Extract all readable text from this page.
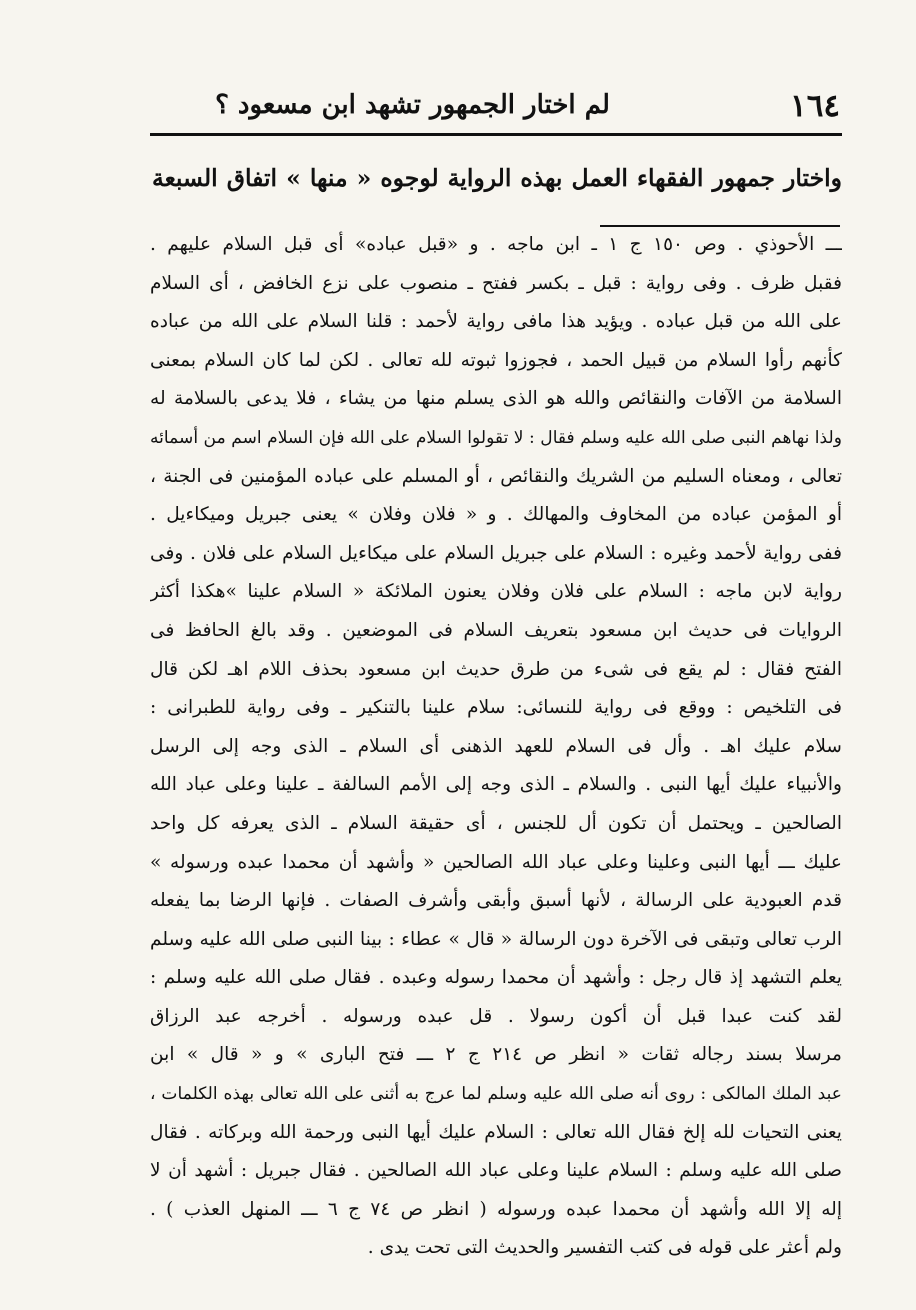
١٦٤
لم اختار الجمهور تشهد ابن مسعود ؟
واختار جمهور الفقهاء العمل بهذه الرواية لوجوه « منها » اتفاق السبعة
ـــ الأحوذي . وص ١٥٠ ج ١ ـ ابن ماجه . و «قبل عباده» أى قبل السلام عليهم .
فقبل ظرف . وفى رواية : قبل ـ بكسر ففتح ـ منصوب على نزع الخافض ، أى السلام
على الله من قبل عباده . ويؤيد هذا مافى رواية لأحمد : قلنا السلام على الله من عباده
كأنهم رأوا السلام من قبيل الحمد ، فجوزوا ثبوته لله تعالى . لكن لما كان السلام بمعنى
السلامة من الآفات والنقائص والله هو الذى يسلم منها من يشاء ، فلا يدعى بالسلامة له
ولذا نهاهم النبى صلى الله عليه وسلم فقال : لا تقولوا السلام على الله فإن السلام اسم من أسمائه
تعالى ، ومعناه السليم من الشريك والنقائص ، أو المسلم على عباده المؤمنين فى الجنة ،
أو المؤمن عباده من المخاوف والمهالك . و « فلان وفلان » يعنى جبريل وميكاءيل .
ففى رواية لأحمد وغيره : السلام على جبريل السلام على ميكاءيل السلام على فلان . وفى
رواية لابن ماجه : السلام على فلان وفلان يعنون الملائكة « السلام علينا »هكذا أكثر
الروايات فى حديث ابن مسعود بتعريف السلام فى الموضعين . وقد بالغ الحافظ فى
الفتح فقال : لم يقع فى شىء من طرق حديث ابن مسعود بحذف اللام اهـ لكن قال
فى التلخيص : ووقع فى رواية للنسائى: سلام علينا بالتنكير ـ وفى رواية للطبرانى :
سلام عليك اهـ . وأل فى السلام للعهد الذهنى أى السلام ـ الذى وجه إلى الرسل
والأنبياء عليك أيها النبى . والسلام ـ الذى وجه إلى الأمم السالفة ـ علينا وعلى عباد الله
الصالحين ـ ويحتمل أن تكون أل للجنس ، أى حقيقة السلام ـ الذى يعرفه كل واحد
عليك ـــ أيها النبى وعلينا وعلى عباد الله الصالحين « وأشهد أن محمدا عبده ورسوله »
قدم العبودية على الرسالة ، لأنها أسبق وأبقى وأشرف الصفات . فإنها الرضا بما يفعله
الرب تعالى وتبقى فى الآخرة دون الرسالة « قال » عطاء : بينا النبى صلى الله عليه وسلم
يعلم التشهد إذ قال رجل : وأشهد أن محمدا رسوله وعبده . فقال صلى الله عليه وسلم :
لقد كنت عبدا قبل أن أكون رسولا . قل عبده ورسوله . أخرجه عبد الرزاق
مرسلا بسند رجاله ثقات « انظر ص ٢١٤ ج ٢ ـــ فتح البارى » و « قال » ابن
عبد الملك المالكى : روى أنه صلى الله عليه وسلم لما عرج به أثنى على الله تعالى بهذه الكلمات ،
يعنى التحيات لله إلخ فقال الله تعالى : السلام عليك أيها النبى ورحمة الله وبركاته . فقال
صلى الله عليه وسلم : السلام علينا وعلى عباد الله الصالحين . فقال جبريل : أشهد أن لا
إله إلا الله وأشهد أن محمدا عبده ورسوله ( انظر ص ٧٤ ج ٦ ـــ المنهل العذب ) .
ولم أعثر على قوله فى كتب التفسير والحديث التى تحت يدى .
